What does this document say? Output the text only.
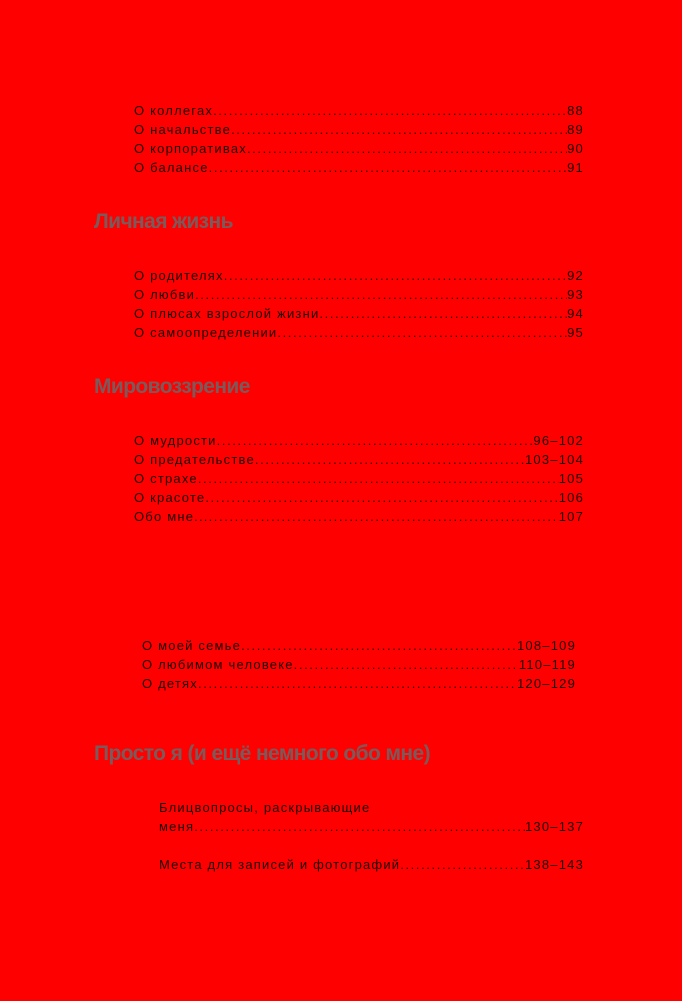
О коллегах .....	88
О начальстве .....	89
О корпоративах .....	90
О балансе .....	91
Личная жизнь
О родителях .....	92
О любви .....	93
О плюсах взрослой жизни .....	94
О самоопределении .....	95
Мировоззрение
О мудрости .....	96–102
О предательстве .....	103–104
О страхе .....	105
О красоте .....	106
Обо мне... .....	107
О моей семье .....	108–109
О любимом человеке .....	110–119
О детях .....	120–129
Просто я (и ещё немного обо мне)
Блицвопросы, раскрывающие
меня .....	130–137
Места для записей и фотографий .....	138–143
